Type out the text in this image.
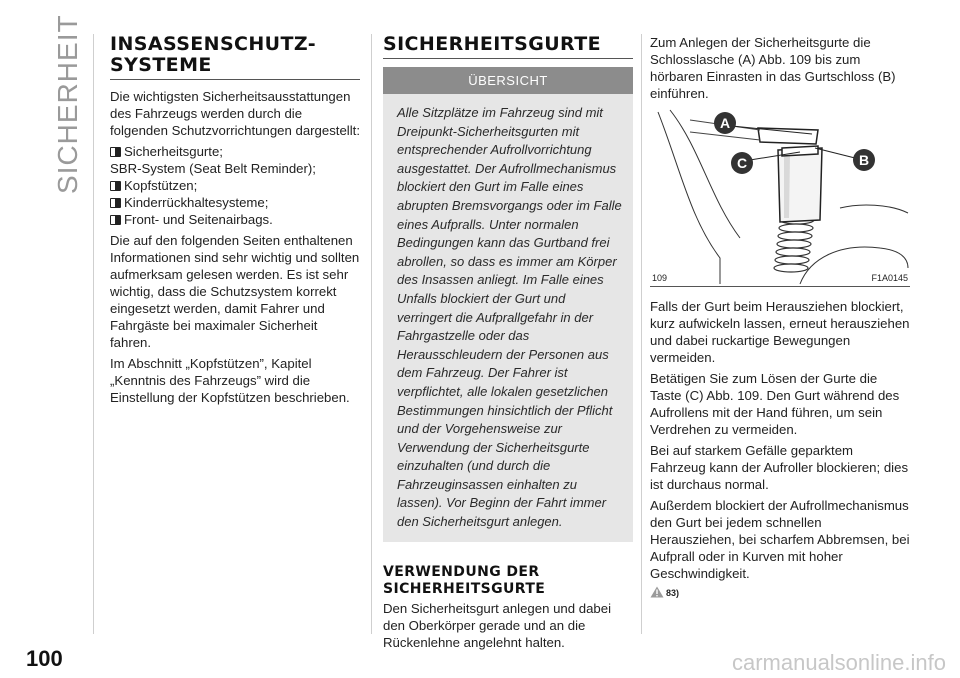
SICHERHEIT INSASSENSCHUTZ-
SYSTEME

Die wichtigsten Sicherheitsausstattungen des Fahrzeugs werden durch die folgenden Schutzvorrichtungen dargestellt:

Sicherheitsgurte;
SBR-System (Seat Belt Reminder);
Kopfstützen;
Kinderrückhaltesysteme;
Front- und Seitenairbags.

Die auf den folgenden Seiten enthaltenen Informationen sind sehr wichtig und sollten aufmerksam gelesen werden. Es ist sehr wichtig, dass die Schutzsystem korrekt eingesetzt werden, damit Fahrer und Fahrgäste bei maximaler Sicherheit fahren.

Im Abschnitt „Kopfstützen”, Kapitel „Kenntnis des Fahrzeugs” wird die Einstellung der Kopfstützen beschrieben.

SICHERHEITSGURTE
ÜBERSICHT

Alle Sitzplätze im Fahrzeug sind mit Dreipunkt-Sicherheitsgurten mit entsprechender Aufrollvorrichtung ausgestattet. Der Aufrollmechanismus blockiert den Gurt im Falle eines abrupten Bremsvorgangs oder im Falle eines Aufpralls. Unter normalen Bedingungen kann das Gurtband frei abrollen, so dass es immer am Körper des Insassen anliegt. Im Falle eines Unfalls blockiert der Gurt und verringert die Aufprallgefahr in der Fahrgastzelle oder das Herausschleudern der Personen aus dem Fahrzeug. Der Fahrer ist verpflichtet, alle lokalen gesetzlichen Bestimmungen hinsichtlich der Pflicht und der Vorgehensweise zur Verwendung der Sicherheitsgurte einzuhalten (und durch die Fahrzeuginsassen einhalten zu lassen). Vor Beginn der Fahrt immer den Sicherheitsgurt anlegen.

VERWENDUNG DER
SICHERHEITSGURTE

Den Sicherheitsgurt anlegen und dabei den Oberkörper gerade und an die Rückenlehne angelehnt halten.

Zum Anlegen der Sicherheitsgurte die Schlosslasche (A) Abb. 109 bis zum hörbaren Einrasten in das Gurtschloss (B) einführen.

A
C	B
109	F1A0145

Falls der Gurt beim Herausziehen blockiert, kurz aufwickeln lassen, erneut herausziehen und dabei ruckartige Bewegungen vermeiden.

Betätigen Sie zum Lösen der Gurte die Taste (C) Abb. 109. Den Gurt während des Aufrollens mit der Hand führen, um sein Verdrehen zu vermeiden.

Bei auf starkem Gefälle geparktem Fahrzeug kann der Aufroller blockieren; dies ist durchaus normal.

Außerdem blockiert der Aufrollmechanismus den Gurt bei jedem schnellen Herausziehen, bei scharfem Abbremsen, bei Aufprall oder in Kurven mit hoher Geschwindigkeit.

83)
100	carmanualsonline.info
